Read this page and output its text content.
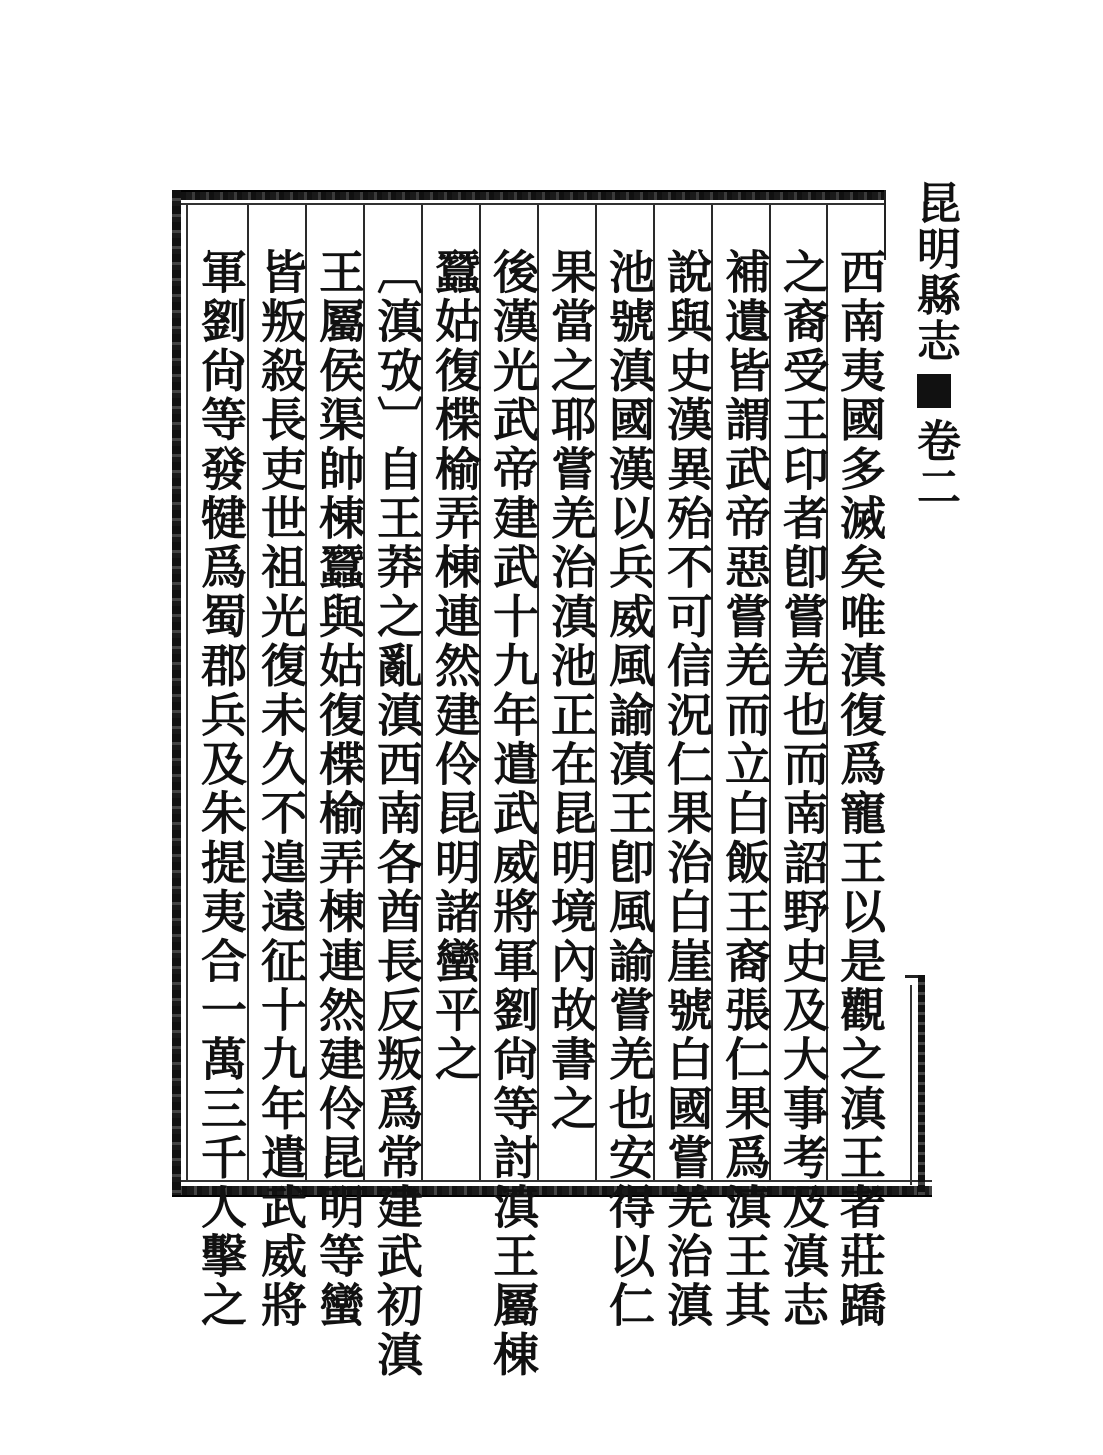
昆明縣志卷二
西南夷國多滅矣唯滇復爲寵王以是觀之滇王者莊蹻
之裔受王印者卽嘗羌也而南詔野史及大事考及滇志
補遺皆謂武帝惡嘗羌而立白飯王裔張仁果爲滇王其
說與史漢異殆不可信況仁果治白崖號白國嘗羌治滇
池號滇國漢以兵威風諭滇王卽風諭嘗羌也安得以仁
果當之耶嘗羌治滇池正在昆明境內故書之
後漢光武帝建武十九年遣武威將軍劉尙等討滇王屬棟
蠶姑復楪榆弄棟連然建伶昆明諸蠻平之
〔滇攷〕自王莽之亂滇西南各酋長反叛爲常建武初滇
王屬侯渠帥棟蠶與姑復楪榆弄棟連然建伶昆明等蠻
皆叛殺長吏世祖光復未久不遑遠征十九年遣武威將
軍劉尙等發犍爲蜀郡兵及朱提夷合一萬三千人擊之
